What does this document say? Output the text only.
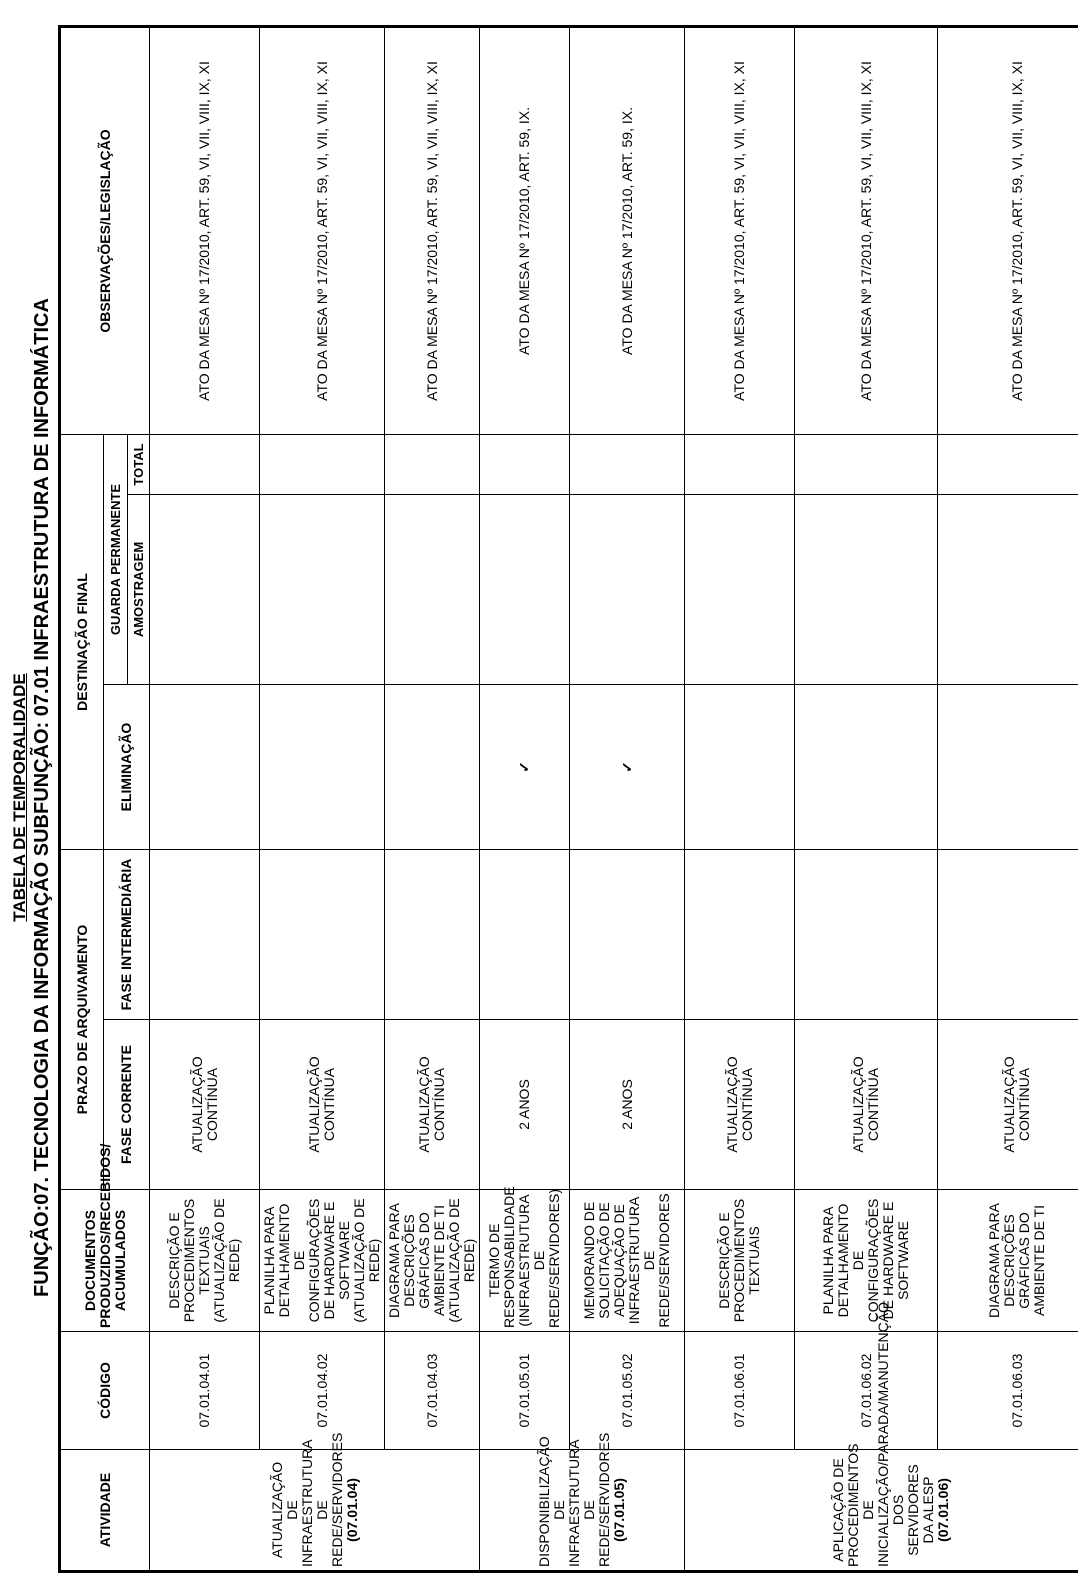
TABELA DE TEMPORALIDADE FUNÇÃO:07. TECNOLOGIA DA INFORMAÇÃO SUBFUNÇÃO: 07.01 INFRAESTRUTURA DE INFORMÁTICA
ATIVIDADE	CÓDIGO	DOCUMENTOS PRODUZIDOS/RECEBIDOS/ ACUMULADOS	PRAZO DE ARQUIVAMENTO		DESTINAÇÃO FINAL			OBSERVAÇÕES/LEGISLAÇÃO
			FASE CORRENTE	FASE INTERMEDIÁRIA	ELIMINAÇÃO	GUARDA PERMANENTE		
						AMOSTRAGEM	TOTAL	
ATUALIZAÇÃO DE INFRAESTRUTURA DE REDE/SERVIDORES (07.01.04)	07.01.04.01	DESCRIÇÃO E PROCEDIMENTOS TEXTUAIS (ATUALIZAÇÃO DE REDE)	ATUALIZAÇÃO CONTÍNUA					ATO DA MESA Nº 17/2010, ART. 59, VI, VII, VIII, IX, XI
	07.01.04.02	PLANILHA PARA DETALHAMENTO DE CONFIGURAÇÕES DE HARDWARE E SOFTWARE (ATUALIZAÇÃO DE REDE)	ATUALIZAÇÃO CONTÍNUA					ATO DA MESA Nº 17/2010, ART. 59, VI, VII, VIII, IX, XI
	07.01.04.03	DIAGRAMA PARA DESCRIÇÕES GRÁFICAS DO AMBIENTE DE TI (ATUALIZAÇÃO DE REDE)	ATUALIZAÇÃO CONTÍNUA					ATO DA MESA Nº 17/2010, ART. 59, VI, VII, VIII, IX, XI
DISPONIBILIZAÇÃO DE INFRAESTRUTURA DE REDE/SERVIDORES (07.01.05)	07.01.05.01	TERMO DE RESPONSABILIDADE (INFRAESTRUTURA DE REDE/SERVIDORES)	2 ANOS		✓			ATO DA MESA Nº 17/2010, ART. 59, IX.
	07.01.05.02	MEMORANDO DE SOLICITAÇÃO DE ADEQUAÇÃO DE INFRAESTRUTURA DE REDE/SERVIDORES	2 ANOS		✓			ATO DA MESA Nº 17/2010, ART. 59, IX.
APLICAÇÃO DE PROCEDIMENTOS DE INICIALIZAÇÃO/PARADA/MANUTENÇÃO DOS SERVIDORES DA ALESP (07.01.06)	07.01.06.01	DESCRIÇÃO E PROCEDIMENTOS TEXTUAIS	ATUALIZAÇÃO CONTÍNUA					ATO DA MESA Nº 17/2010, ART. 59, VI, VII, VIII, IX, XI
	07.01.06.02	PLANILHA PARA DETALHAMENTO DE CONFIGURAÇÕES DE HARDWARE E SOFTWARE	ATUALIZAÇÃO CONTÍNUA					ATO DA MESA Nº 17/2010, ART. 59, VI, VII, VIII, IX, XI
	07.01.06.03	DIAGRAMA PARA DESCRIÇÕES GRÁFICAS DO AMBIENTE DE TI	ATUALIZAÇÃO CONTÍNUA					ATO DA MESA Nº 17/2010, ART. 59, VI, VII, VIII, IX, XI
